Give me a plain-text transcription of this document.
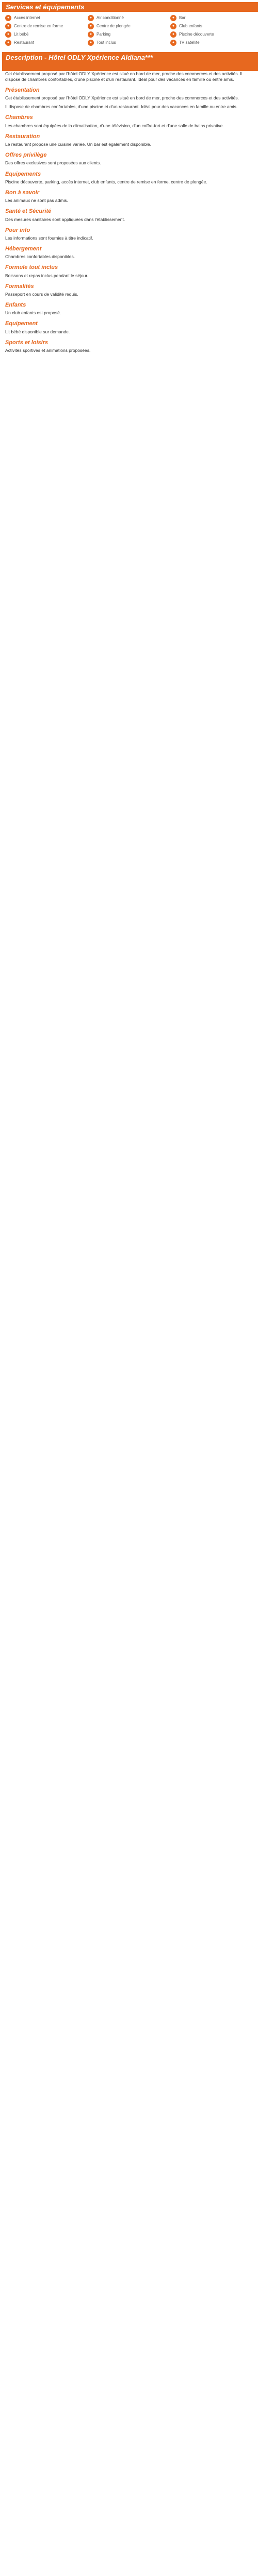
Services et équipements
●	Accès internet	●	Air conditionné	●	Bar
●	Centre de remise en forme	●	Centre de plongée	●	Club enfants
●	Lit bébé	●	Parking	●	Piscine découverte
●	Restaurant	●	Tout inclus	●	TV satellite
Description - Hôtel ODLY Xpérience Aldiana***

Cet établissement proposé par l'hôtel ODLY Xpérience est situé en bord de mer, proche des commerces et des activités. Il dispose de chambres confortables, d'une piscine et d'un restaurant. Idéal pour des vacances en famille ou entre amis.

Présentation

Cet établissement proposé par l'hôtel ODLY Xpérience est situé en bord de mer, proche des commerces et des activités.

Il dispose de chambres confortables, d'une piscine et d'un restaurant. Idéal pour des vacances en famille ou entre amis.

Chambres

Les chambres sont équipées de la climatisation, d'une télévision, d'un coffre-fort et d'une salle de bains privative.

Restauration

Le restaurant propose une cuisine variée. Un bar est également disponible.

Offres privilège

Des offres exclusives sont proposées aux clients.

Equipements

Piscine découverte, parking, accès internet, club enfants, centre de remise en forme, centre de plongée.

Bon à savoir

Les animaux ne sont pas admis.

Santé et Sécurité

Des mesures sanitaires sont appliquées dans l'établissement.

Pour info

Les informations sont fournies à titre indicatif.

Hébergement

Chambres confortables disponibles.

Formule tout inclus

Boissons et repas inclus pendant le séjour.

Formalités

Passeport en cours de validité requis.

Enfants

Un club enfants est proposé.

Equipement

Lit bébé disponible sur demande.

Sports et loisirs

Activités sportives et animations proposées.
